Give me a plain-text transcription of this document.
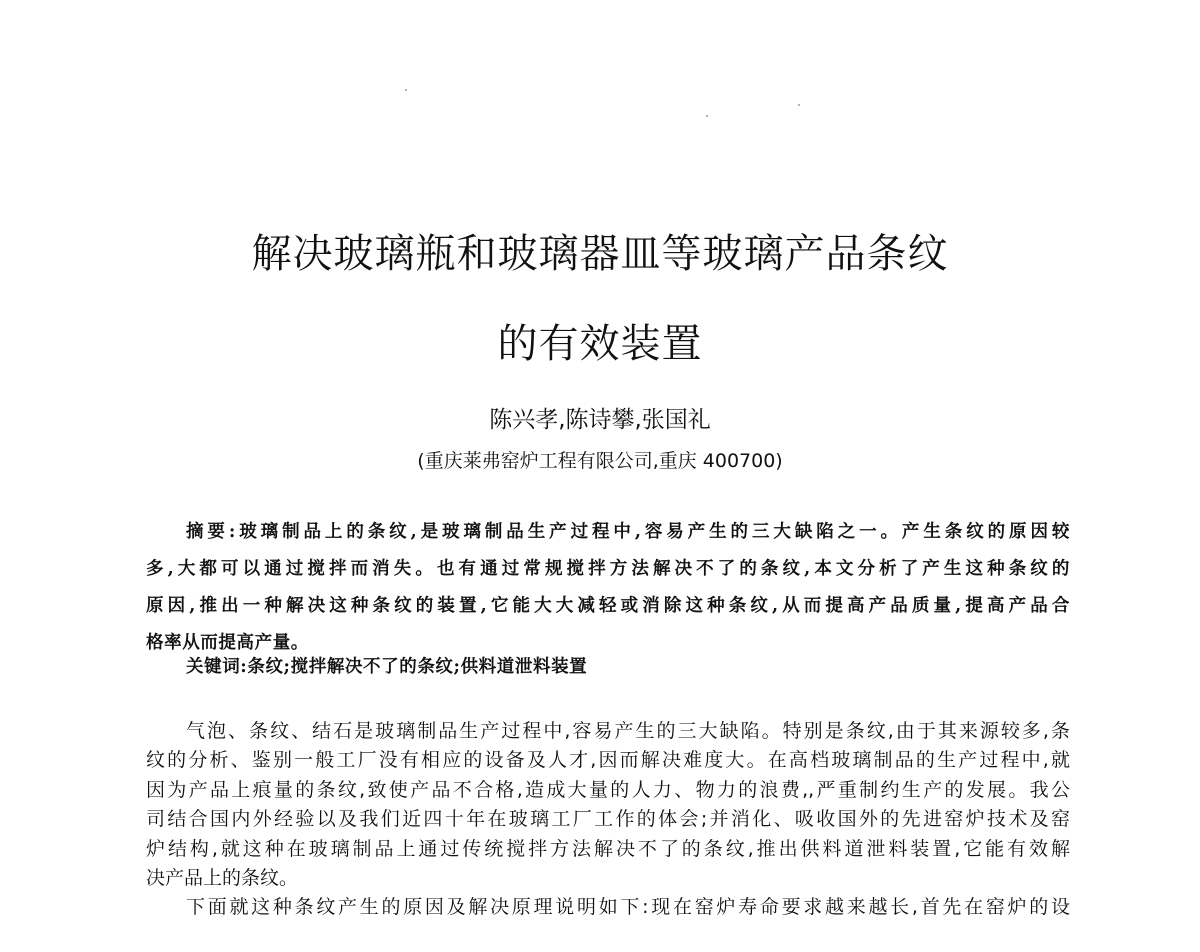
解决玻璃瓶和玻璃器皿等玻璃产品条纹
的有效装置
陈兴孝,陈诗攀,张国礼
(重庆莱弗窑炉工程有限公司,重庆 400700)
摘要:玻璃制品上的条纹,是玻璃制品生产过程中,容易产生的三大缺陷之一。产生条纹的原因较
多,大都可以通过搅拌而消失。也有通过常规搅拌方法解决不了的条纹,本文分析了产生这种条纹的
原因,推出一种解决这种条纹的装置,它能大大减轻或消除这种条纹,从而提高产品质量,提高产品合
格率从而提高产量。
关键词:条纹;搅拌解决不了的条纹;供料道泄料装置
气泡、条纹、结石是玻璃制品生产过程中,容易产生的三大缺陷。特别是条纹,由于其来源较多,条
纹的分析、鉴别一般工厂没有相应的设备及人才,因而解决难度大。在高档玻璃制品的生产过程中,就
因为产品上痕量的条纹,致使产品不合格,造成大量的人力、物力的浪费,,严重制约生产的发展。我公
司结合国内外经验以及我们近四十年在玻璃工厂工作的体会;并消化、吸收国外的先进窑炉技术及窑
炉结构,就这种在玻璃制品上通过传统搅拌方法解决不了的条纹,推出供料道泄料装置,它能有效解
决产品上的条纹。
下面就这种条纹产生的原因及解决原理说明如下:现在窑炉寿命要求越来越长,首先在窑炉的设
